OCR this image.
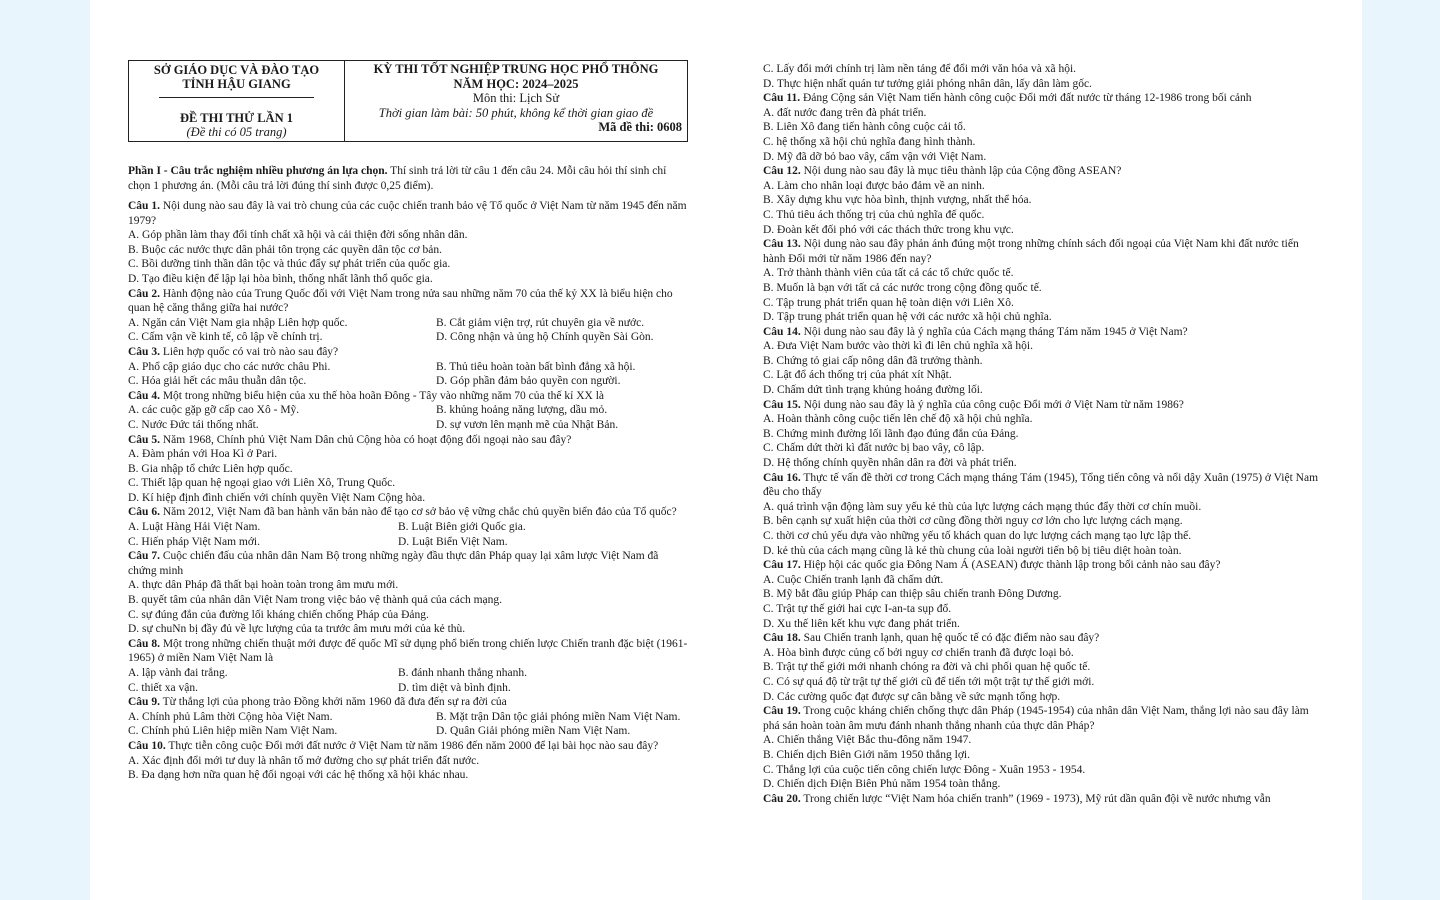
SỞ GIÁO DỤC VÀ ĐÀO TẠO
TỈNH HẬU GIANG
ĐỀ THI THỬ LẦN 1
(Đề thi có 05 trang)
KỲ THI TỐT NGHIỆP TRUNG HỌC PHỔ THÔNG
NĂM HỌC: 2024–2025
Môn thi: Lịch Sử
Thời gian làm bài: 50 phút, không kể thời gian giao đề
Mã đề thi: 0608
Phần I - Câu trắc nghiệm nhiều phương án lựa chọn. Thí sinh trả lời từ câu 1 đến câu 24. Mỗi câu hỏi thí sinh chỉ chọn 1 phương án. (Mỗi câu trả lời đúng thí sinh được 0,25 điểm).

Câu 1. Nội dung nào sau đây là vai trò chung của các cuộc chiến tranh bảo vệ Tổ quốc ở Việt Nam từ năm 1945 đến năm 1979?

A. Góp phần làm thay đổi tính chất xã hội và cải thiện đời sống nhân dân.

B. Buộc các nước thực dân phải tôn trọng các quyền dân tộc cơ bản.

C. Bồi dưỡng tinh thần dân tộc và thúc đẩy sự phát triển của quốc gia.

D. Tạo điều kiện để lập lại hòa bình, thống nhất lãnh thổ quốc gia.

Câu 2. Hành động nào của Trung Quốc đối với Việt Nam trong nửa sau những năm 70 của thế kỷ XX là biểu hiện cho quan hệ căng thẳng giữa hai nước?

A. Ngăn cản Việt Nam gia nhập Liên hợp quốc.	B. Cắt giảm viện trợ, rút chuyên gia về nước.
C. Cấm vận về kinh tế, cô lập về chính trị.	D. Công nhận và ủng hộ Chính quyền Sài Gòn.

Câu 3. Liên hợp quốc có vai trò nào sau đây?

A. Phổ cập giáo dục cho các nước châu Phi.	B. Thủ tiêu hoàn toàn bất bình đẳng xã hội.
C. Hóa giải hết các mâu thuẫn dân tộc.	D. Góp phần đảm bảo quyền con người.

Câu 4. Một trong những biểu hiện của xu thế hòa hoãn Đông - Tây vào những năm 70 của thế kỉ XX là

A. các cuộc gặp gỡ cấp cao Xô - Mỹ.	B. khủng hoảng năng lượng, dầu mỏ.
C. Nước Đức tái thống nhất.	D. sự vươn lên mạnh mẽ của Nhật Bản.

Câu 5. Năm 1968, Chính phủ Việt Nam Dân chủ Cộng hòa có hoạt động đối ngoại nào sau đây?

A. Đàm phán với Hoa Kì ở Pari.

B. Gia nhập tổ chức Liên hợp quốc.

C. Thiết lập quan hệ ngoại giao với Liên Xô, Trung Quốc.

D. Kí hiệp định đình chiến với chính quyền Việt Nam Cộng hòa.

Câu 6. Năm 2012, Việt Nam đã ban hành văn bản nào để tạo cơ sở bảo vệ vững chắc chủ quyền biển đảo của Tổ quốc?

A. Luật Hàng Hải Việt Nam.	B. Luật Biên giới Quốc gia.
C. Hiến pháp Việt Nam mới.	D. Luật Biển Việt Nam.

Câu 7. Cuộc chiến đấu của nhân dân Nam Bộ trong những ngày đầu thực dân Pháp quay lại xâm lược Việt Nam đã chứng minh

A. thực dân Pháp đã thất bại hoàn toàn trong âm mưu mới.

B. quyết tâm của nhân dân Việt Nam trong việc bảo vệ thành quả của cách mạng.

C. sự đúng đắn của đường lối kháng chiến chống Pháp của Đảng.

D. sự chuNn bị đầy đủ về lực lượng của ta trước âm mưu mới của kẻ thù.

Câu 8. Một trong những chiến thuật mới được đế quốc Mĩ sử dụng phổ biến trong chiến lược Chiến tranh đặc biệt (1961-1965) ở miền Nam Việt Nam là

A. lập vành đai trắng.	B. đánh nhanh thắng nhanh.
C. thiết xa vận.	D. tìm diệt và bình định.

Câu 9. Từ thắng lợi của phong trào Đồng khởi năm 1960 đã đưa đến sự ra đời của

A. Chính phủ Lâm thời Cộng hòa Việt Nam.	B. Mặt trận Dân tộc giải phóng miền Nam Việt Nam.
C. Chính phủ Liên hiệp miền Nam Việt Nam.	D. Quân Giải phóng miền Nam Việt Nam.

Câu 10. Thực tiễn công cuộc Đổi mới đất nước ở Việt Nam từ năm 1986 đến năm 2000 để lại bài học nào sau đây?

A. Xác định đổi mới tư duy là nhân tố mở đường cho sự phát triển đất nước.

B. Đa dạng hơn nữa quan hệ đối ngoại với các hệ thống xã hội khác nhau.

C. Lấy đổi mới chính trị làm nền tảng để đổi mới văn hóa và xã hội.

D. Thực hiện nhất quán tư tưởng giải phóng nhân dân, lấy dân làm gốc.

Câu 11. Đảng Cộng sản Việt Nam tiến hành công cuộc Đổi mới đất nước từ tháng 12-1986 trong bối cảnh

A. đất nước đang trên đà phát triển.

B. Liên Xô đang tiến hành công cuộc cải tổ.

C. hệ thống xã hội chủ nghĩa đang hình thành.

D. Mỹ đã dỡ bỏ bao vây, cấm vận với Việt Nam.

Câu 12. Nội dung nào sau đây là mục tiêu thành lập của Cộng đồng ASEAN?

A. Làm cho nhân loại được bảo đảm về an ninh.

B. Xây dựng khu vực hòa bình, thịnh vượng, nhất thể hóa.

C. Thủ tiêu ách thống trị của chủ nghĩa đế quốc.

D. Đoàn kết đối phó với các thách thức trong khu vực.

Câu 13. Nội dung nào sau đây phản ánh đúng một trong những chính sách đối ngoại của Việt Nam khi đất nước tiến hành Đổi mới từ năm 1986 đến nay?

A. Trở thành thành viên của tất cả các tổ chức quốc tế.

B. Muốn là bạn với tất cả các nước trong cộng đồng quốc tế.

C. Tập trung phát triển quan hệ toàn diện với Liên Xô.

D. Tập trung phát triển quan hệ với các nước xã hội chủ nghĩa.

Câu 14. Nội dung nào sau đây là ý nghĩa của Cách mạng tháng Tám năm 1945 ở Việt Nam?

A. Đưa Việt Nam bước vào thời kì đi lên chủ nghĩa xã hội.

B. Chứng tỏ giai cấp nông dân đã trưởng thành.

C. Lật đổ ách thống trị của phát xít Nhật.

D. Chấm dứt tình trạng khủng hoảng đường lối.

Câu 15. Nội dung nào sau đây là ý nghĩa của công cuộc Đổi mới ở Việt Nam từ năm 1986?

A. Hoàn thành công cuộc tiến lên chế độ xã hội chủ nghĩa.

B. Chứng minh đường lối lãnh đạo đúng đắn của Đảng.

C. Chấm dứt thời kì đất nước bị bao vây, cô lập.

D. Hệ thống chính quyền nhân dân ra đời và phát triển.

Câu 16. Thực tế vấn đề thời cơ trong Cách mạng tháng Tám (1945), Tổng tiến công và nổi dậy Xuân (1975) ở Việt Nam đều cho thấy

A. quá trình vận động làm suy yếu kẻ thù của lực lượng cách mạng thúc đẩy thời cơ chín muồi.

B. bên cạnh sự xuất hiện của thời cơ cũng đồng thời nguy cơ lớn cho lực lượng cách mạng.

C. thời cơ chủ yếu dựa vào những yếu tố khách quan do lực lượng cách mạng tạo lực lập thế.

D. kẻ thù của cách mạng cũng là kẻ thù chung của loài người tiến bộ bị tiêu diệt hoàn toàn.

Câu 17. Hiệp hội các quốc gia Đông Nam Á (ASEAN) được thành lập trong bối cảnh nào sau đây?

A. Cuộc Chiến tranh lạnh đã chấm dứt.

B. Mỹ bắt đầu giúp Pháp can thiệp sâu chiến tranh Đông Dương.

C. Trật tự thế giới hai cực I-an-ta sụp đổ.

D. Xu thế liên kết khu vực đang phát triển.

Câu 18. Sau Chiến tranh lạnh, quan hệ quốc tế có đặc điểm nào sau đây?

A. Hòa bình được củng cố bởi nguy cơ chiến tranh đã được loại bỏ.

B. Trật tự thế giới mới nhanh chóng ra đời và chi phối quan hệ quốc tế.

C. Có sự quá độ từ trật tự thế giới cũ để tiến tới một trật tự thế giới mới.

D. Các cường quốc đạt được sự cân bằng về sức mạnh tổng hợp.

Câu 19. Trong cuộc kháng chiến chống thực dân Pháp (1945-1954) của nhân dân Việt Nam, thắng lợi nào sau đây làm phá sản hoàn toàn âm mưu đánh nhanh thắng nhanh của thực dân Pháp?

A. Chiến thắng Việt Bắc thu-đông năm 1947.

B. Chiến dịch Biên Giới năm 1950 thắng lợi.

C. Thắng lợi của cuộc tiến công chiến lược Đông - Xuân 1953 - 1954.

D. Chiến dịch Điện Biên Phủ năm 1954 toàn thắng.

Câu 20. Trong chiến lược “Việt Nam hóa chiến tranh” (1969 - 1973), Mỹ rút dần quân đội về nước nhưng vẫn
